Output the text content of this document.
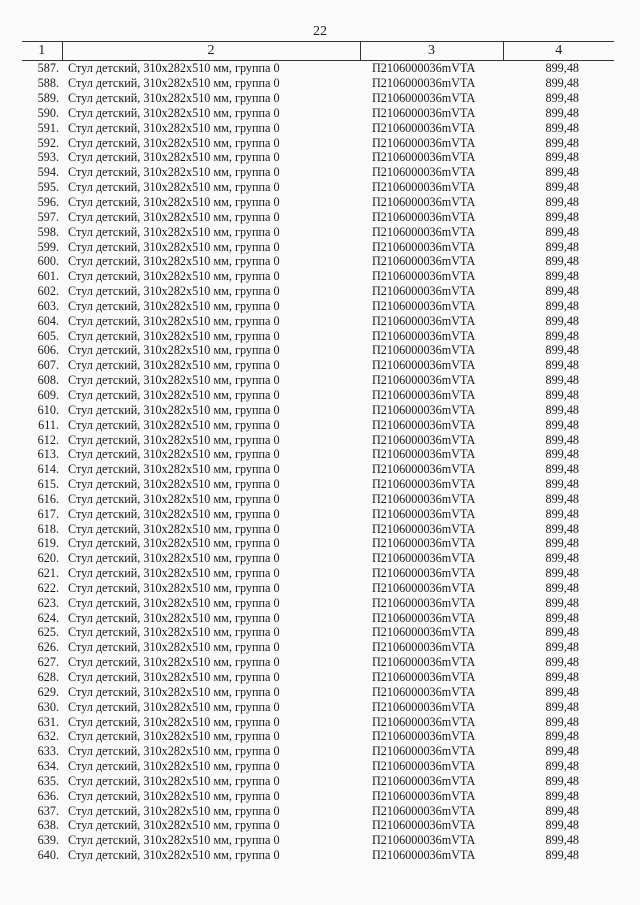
22
1	2	3	4
587.	Стул детский, 310x282x510 мм, группа 0	П2106000036mVTA	899,48
588.	Стул детский, 310x282x510 мм, группа 0	П2106000036mVTA	899,48
589.	Стул детский, 310x282x510 мм, группа 0	П2106000036mVTA	899,48
590.	Стул детский, 310x282x510 мм, группа 0	П2106000036mVTA	899,48
591.	Стул детский, 310x282x510 мм, группа 0	П2106000036mVTA	899,48
592.	Стул детский, 310x282x510 мм, группа 0	П2106000036mVTA	899,48
593.	Стул детский, 310x282x510 мм, группа 0	П2106000036mVTA	899,48
594.	Стул детский, 310x282x510 мм, группа 0	П2106000036mVTA	899,48
595.	Стул детский, 310x282x510 мм, группа 0	П2106000036mVTA	899,48
596.	Стул детский, 310x282x510 мм, группа 0	П2106000036mVTA	899,48
597.	Стул детский, 310x282x510 мм, группа 0	П2106000036mVTA	899,48
598.	Стул детский, 310x282x510 мм, группа 0	П2106000036mVTA	899,48
599.	Стул детский, 310x282x510 мм, группа 0	П2106000036mVTA	899,48
600.	Стул детский, 310x282x510 мм, группа 0	П2106000036mVTA	899,48
601.	Стул детский, 310x282x510 мм, группа 0	П2106000036mVTA	899,48
602.	Стул детский, 310x282x510 мм, группа 0	П2106000036mVTA	899,48
603.	Стул детский, 310x282x510 мм, группа 0	П2106000036mVTA	899,48
604.	Стул детский, 310x282x510 мм, группа 0	П2106000036mVTA	899,48
605.	Стул детский, 310x282x510 мм, группа 0	П2106000036mVTA	899,48
606.	Стул детский, 310x282x510 мм, группа 0	П2106000036mVTA	899,48
607.	Стул детский, 310x282x510 мм, группа 0	П2106000036mVTA	899,48
608.	Стул детский, 310x282x510 мм, группа 0	П2106000036mVTA	899,48
609.	Стул детский, 310x282x510 мм, группа 0	П2106000036mVTA	899,48
610.	Стул детский, 310x282x510 мм, группа 0	П2106000036mVTA	899,48
611.	Стул детский, 310x282x510 мм, группа 0	П2106000036mVTA	899,48
612.	Стул детский, 310x282x510 мм, группа 0	П2106000036mVTA	899,48
613.	Стул детский, 310x282x510 мм, группа 0	П2106000036mVTA	899,48
614.	Стул детский, 310x282x510 мм, группа 0	П2106000036mVTA	899,48
615.	Стул детский, 310x282x510 мм, группа 0	П2106000036mVTA	899,48
616.	Стул детский, 310x282x510 мм, группа 0	П2106000036mVTA	899,48
617.	Стул детский, 310x282x510 мм, группа 0	П2106000036mVTA	899,48
618.	Стул детский, 310x282x510 мм, группа 0	П2106000036mVTA	899,48
619.	Стул детский, 310x282x510 мм, группа 0	П2106000036mVTA	899,48
620.	Стул детский, 310x282x510 мм, группа 0	П2106000036mVTA	899,48
621.	Стул детский, 310x282x510 мм, группа 0	П2106000036mVTA	899,48
622.	Стул детский, 310x282x510 мм, группа 0	П2106000036mVTA	899,48
623.	Стул детский, 310x282x510 мм, группа 0	П2106000036mVTA	899,48
624.	Стул детский, 310x282x510 мм, группа 0	П2106000036mVTA	899,48
625.	Стул детский, 310x282x510 мм, группа 0	П2106000036mVTA	899,48
626.	Стул детский, 310x282x510 мм, группа 0	П2106000036mVTA	899,48
627.	Стул детский, 310x282x510 мм, группа 0	П2106000036mVTA	899,48
628.	Стул детский, 310x282x510 мм, группа 0	П2106000036mVTA	899,48
629.	Стул детский, 310x282x510 мм, группа 0	П2106000036mVTA	899,48
630.	Стул детский, 310x282x510 мм, группа 0	П2106000036mVTA	899,48
631.	Стул детский, 310x282x510 мм, группа 0	П2106000036mVTA	899,48
632.	Стул детский, 310x282x510 мм, группа 0	П2106000036mVTA	899,48
633.	Стул детский, 310x282x510 мм, группа 0	П2106000036mVTA	899,48
634.	Стул детский, 310x282x510 мм, группа 0	П2106000036mVTA	899,48
635.	Стул детский, 310x282x510 мм, группа 0	П2106000036mVTA	899,48
636.	Стул детский, 310x282x510 мм, группа 0	П2106000036mVTA	899,48
637.	Стул детский, 310x282x510 мм, группа 0	П2106000036mVTA	899,48
638.	Стул детский, 310x282x510 мм, группа 0	П2106000036mVTA	899,48
639.	Стул детский, 310x282x510 мм, группа 0	П2106000036mVTA	899,48
640.	Стул детский, 310x282x510 мм, группа 0	П2106000036mVTA	899,48
